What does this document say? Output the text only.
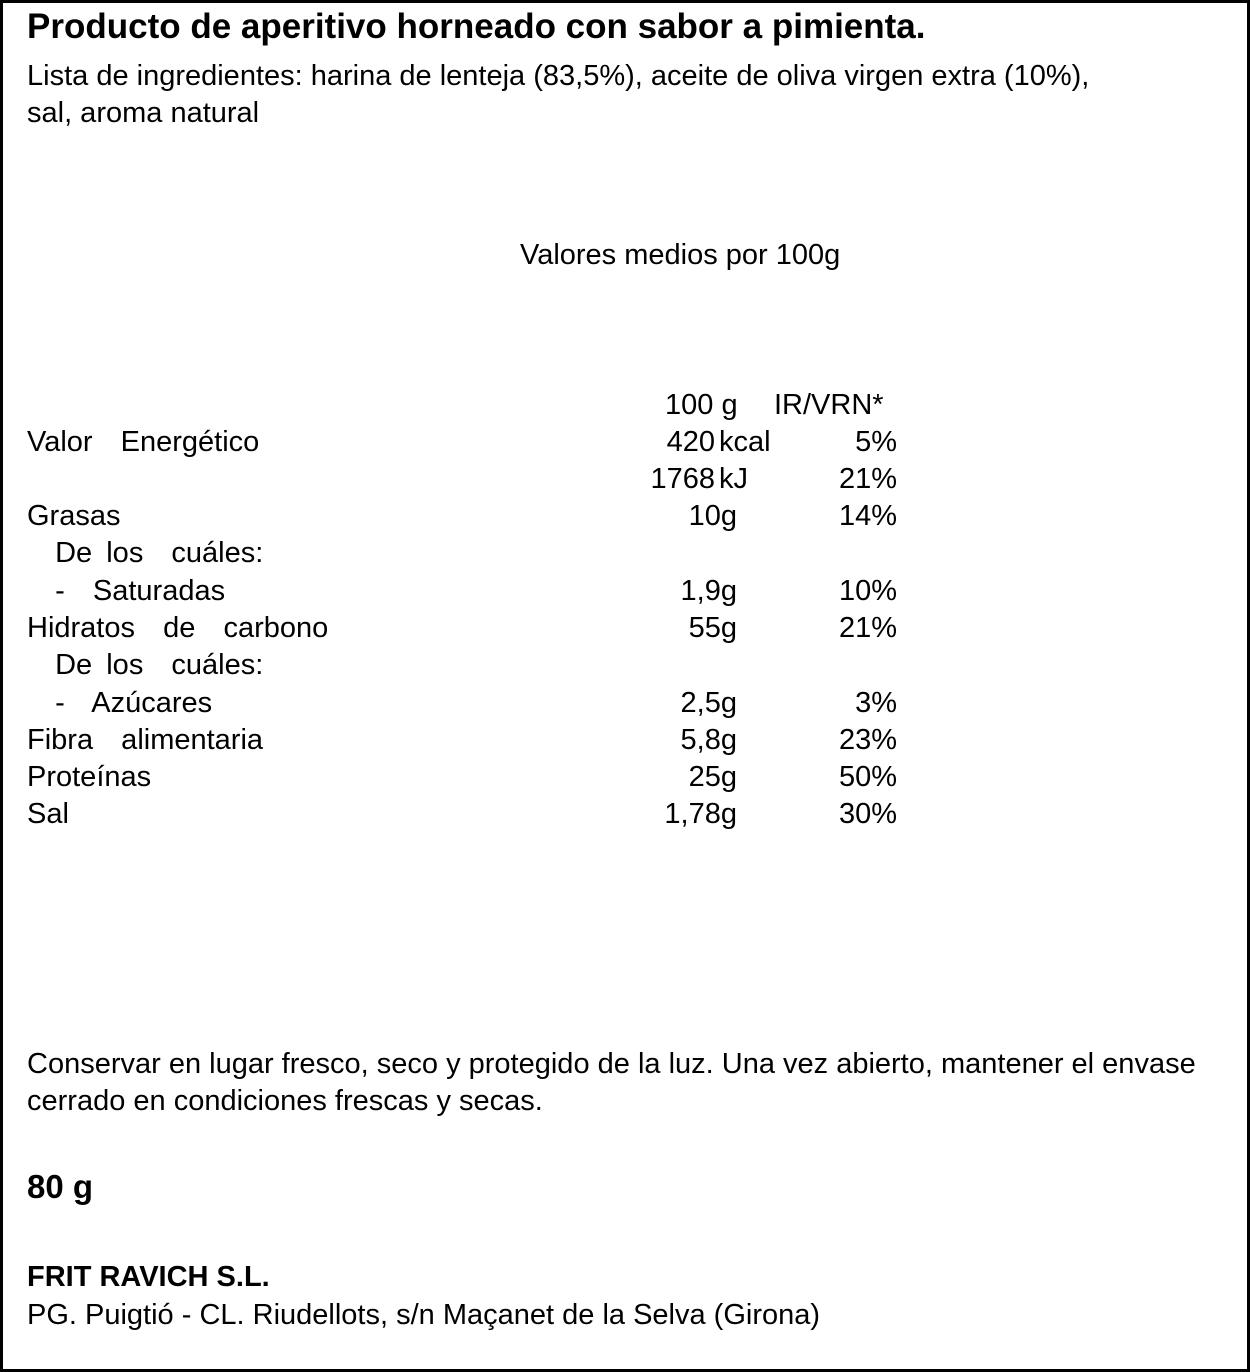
Producto de aperitivo horneado con sabor a pimienta.
Lista de ingredientes: harina de lenteja (83,5%), aceite de oliva virgen extra (10%), sal, aroma natural
Valores medios por 100g
100 g IR/VRN*
Valor  Energético	420 kcal	5%
1768 kJ	21%
Grasas	10g	14%
De los  cuáles:
-  Saturadas	1,9g	10%
Hidratos  de  carbono	55g	21%
De los  cuáles:
-  Azúcares	2,5g	3%
Fibra  alimentaria	5,8g	23%
Proteínas	25g	50%
Sal	1,78g	30%
Conservar en lugar fresco, seco y protegido de la luz. Una vez abierto, mantener el envase cerrado en condiciones frescas y secas.
80 g
FRIT RAVICH S.L.
PG. Puigtió - CL. Riudellots, s/n Maçanet de la Selva (Girona)
